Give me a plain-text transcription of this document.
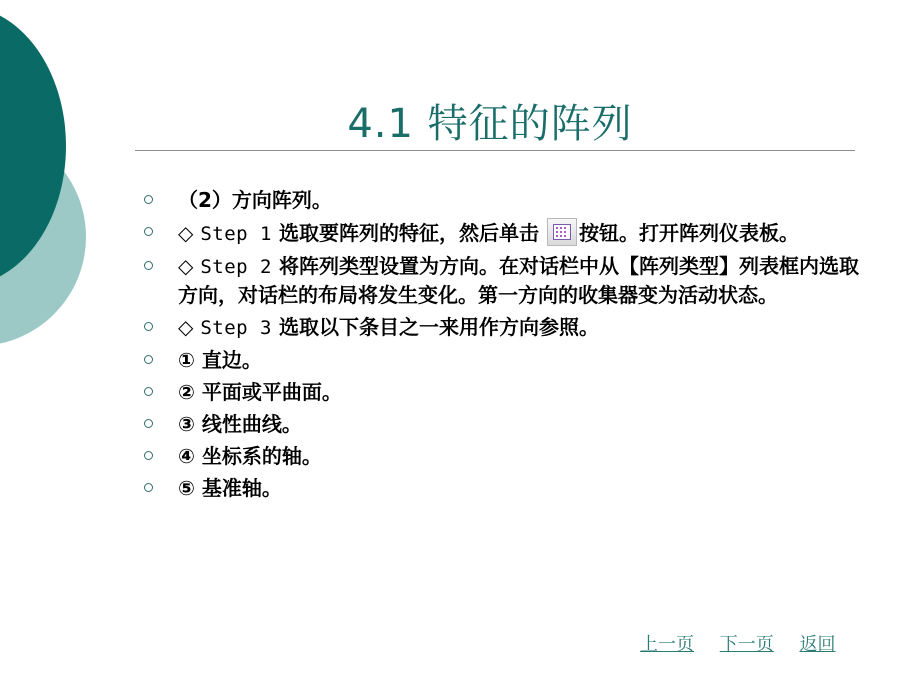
4.1 特征的阵列
（2）方向阵列。
◇ Step 1 选取要阵列的特征，然后单击 按钮。打开阵列仪表板。
◇ Step 2 将阵列类型设置为方向。在对话栏中从【阵列类型】列表框内选取方向，对话栏的布局将发生变化。第一方向的收集器变为活动状态。
◇ Step 3 选取以下条目之一来用作方向参照。
① 直边。
② 平面或平曲面。
③ 线性曲线。
④ 坐标系的轴。
⑤ 基准轴。
上一页 下一页 返回
